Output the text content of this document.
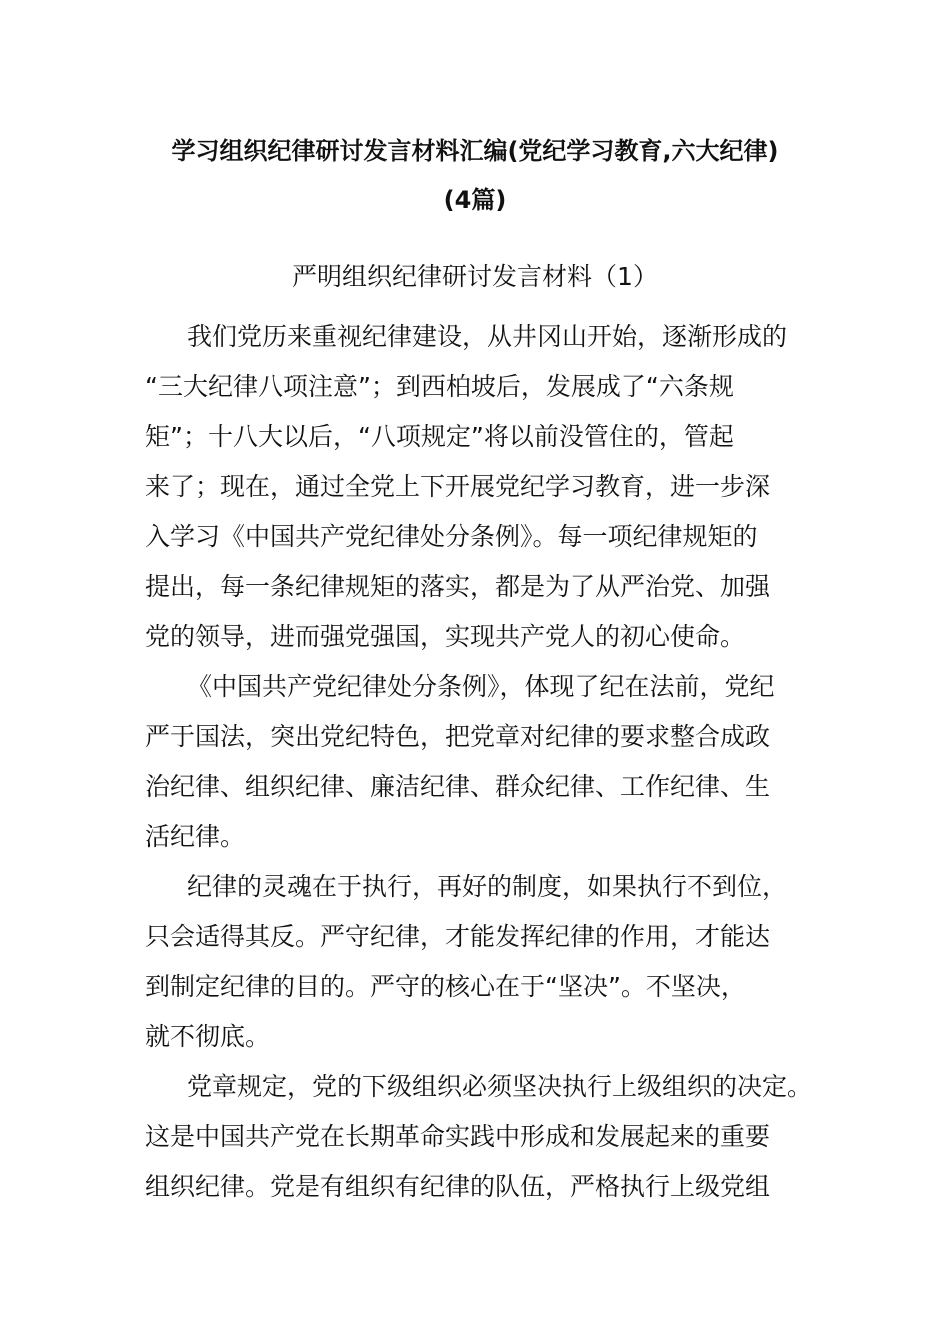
学习组织纪律研讨发言材料汇编(党纪学习教育,六大纪律)
(4篇)
严明组织纪律研讨发言材料（1）
我们党历来重视纪律建设，从井冈山开始，逐渐形成的
“三大纪律八项注意”；到西柏坡后，发展成了“六条规
矩”；十八大以后，“八项规定”将以前没管住的，管起
来了；现在，通过全党上下开展党纪学习教育，进一步深
入学习《中国共产党纪律处分条例》。每一项纪律规矩的
提出，每一条纪律规矩的落实，都是为了从严治党、加强
党的领导，进而强党强国，实现共产党人的初心使命。
《中国共产党纪律处分条例》，体现了纪在法前，党纪
严于国法，突出党纪特色，把党章对纪律的要求整合成政
治纪律、组织纪律、廉洁纪律、群众纪律、工作纪律、生
活纪律。
纪律的灵魂在于执行，再好的制度，如果执行不到位，
只会适得其反。严守纪律，才能发挥纪律的作用，才能达
到制定纪律的目的。严守的核心在于“坚决”。不坚决，
就不彻底。
党章规定，党的下级组织必须坚决执行上级组织的决定。
这是中国共产党在长期革命实践中形成和发展起来的重要
组织纪律。党是有组织有纪律的队伍，严格执行上级党组
